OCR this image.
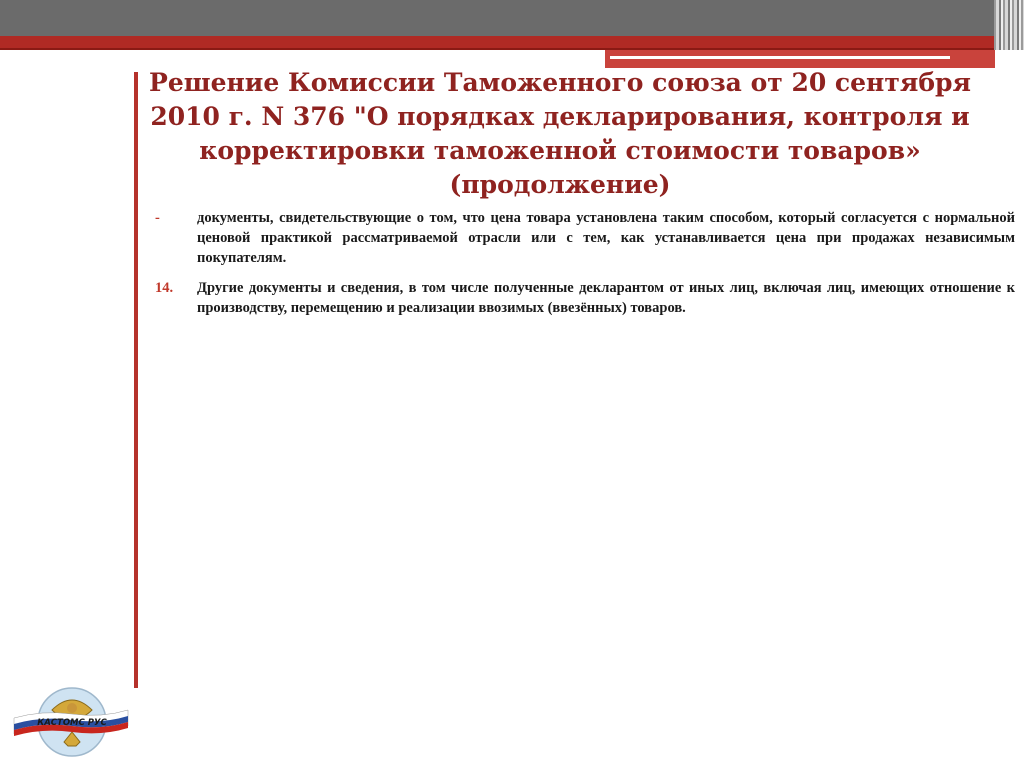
Решение Комиссии Таможенного союза от 20 сентября 2010 г. N 376 "О порядках декларирования, контроля и корректировки таможенной стоимости товаров» (продолжение)
-	документы, свидетельствующие о том, что цена товара установлена таким способом, который согласуется с нормальной ценовой практикой рассматриваемой отрасли или с тем, как устанавливается цена при продажах независимым покупателям.
14.	Другие документы и сведения, в том числе полученные декларантом от иных лиц, включая лиц, имеющих отношение к производству, перемещению и реализации ввозимых (ввезённых) товаров.
КАСТОМС РУС
